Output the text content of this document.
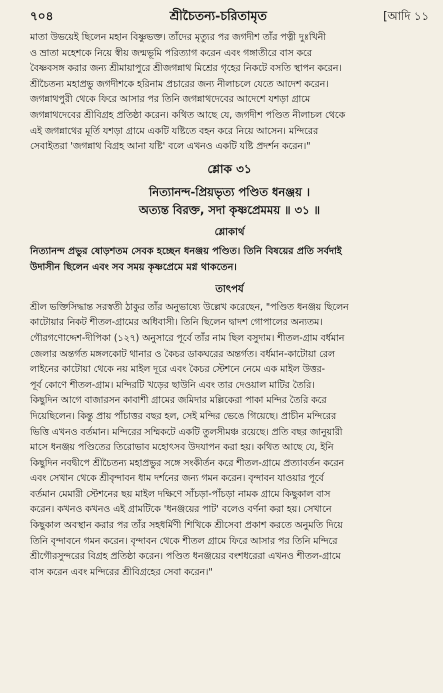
৭০৪	শ্রীচৈতন্য-চরিতামৃত	[আদি ১১

মাতা উভয়েই ছিলেন মহান বিষ্ণুভক্ত। তাঁদের মৃত্যুর পর জগদীশ তাঁর পত্নী দুঃখিনী

ও ভ্রাতা মহেশকে নিয়ে স্বীয় জন্মভূমি পরিত্যাগ করেন এবং গঙ্গাতীরে বাস করে

বৈষ্ণবসঙ্গ করার জন্য শ্রীমায়াপুরে শ্রীজগন্নাথ মিশ্রের গৃহের নিকটে বসতি স্থাপন করেন।

শ্রীচৈতন্য মহাপ্রভু জগদীশকে হরিনাম প্রচারের জন্য নীলাচলে যেতে আদেশ করেন।

জগন্নাথপুরী থেকে ফিরে আসার পর তিনি জগন্নাথদেবের আদেশে যশড়া গ্রামে

জগন্নাথদেবের শ্রীবিগ্রহ প্রতিষ্ঠা করেন। কথিত আছে যে, জগদীশ পণ্ডিত নীলাচল থেকে

এই জগন্নাথের মূর্তি যশড়া গ্রামে একটি যষ্টিতে বহন করে নিয়ে আসেন। মন্দিরের

সেবাইতরা 'জগন্নাথ বিগ্রহ আনা যষ্টি' বলে এখনও একটি যষ্টি প্রদর্শন করেন।"

শ্লোক ৩১

নিত্যানন্দ-প্রিয়ভৃত্য পণ্ডিত ধনঞ্জয় ।

অত্যন্ত বিরক্ত, সদা কৃষ্ণপ্রেমময় ॥ ৩১ ॥

শ্লোকার্থ

নিত্যানন্দ প্রভুর ষোড়শতম সেবক হচ্ছেন ধনঞ্জয় পণ্ডিত। তিনি বিষয়ের প্রতি সর্বদাই

উদাসীন ছিলেন এবং সব সময় কৃষ্ণপ্রেমে মগ্ন থাকতেন।

তাৎপর্য

শ্রীল ভক্তিসিদ্ধান্ত সরস্বতী ঠাকুর তাঁর অনুভাষ্যে উল্লেখ করেছেন, "পণ্ডিত ধনঞ্জয় ছিলেন

কাটোয়ার নিকট শীতল-গ্রামের অধিবাসী। তিনি ছিলেন দ্বাদশ গোপালের অন্যতম।

গৌরগণোদ্দেশ-দীপিকা (১২৭) অনুসারে পূর্বে তাঁর নাম ছিল বসুদাম। শীতল-গ্রাম বর্ধমান

জেলার অন্তর্গত মঙ্গলকোট থানার ও কৈচর ডাকঘরের অন্তর্গত। বর্ধমান-কাটোয়া রেল

লাইনের কাটোয়া থেকে নয় মাইল দূরে এবং কৈচর স্টেশনে নেমে এক মাইল উত্তর-

পূর্ব কোণে শীতল-গ্রাম। মন্দিরটি খড়ের ছাউনি এবং তার দেওয়াল মাটির তৈরি।

কিছুদিন আগে বাজারসন কাবাশী গ্রামের জমিদার মল্লিকেরা পাকা মন্দির তৈরি করে

দিয়েছিলেন। কিন্তু প্রায় পাঁচাত্তর বছর হল, সেই মন্দির ভেঙে গিয়েছে। প্রাচীন মন্দিরের

ভিত্তি এখনও বর্তমান। মন্দিরের সম্মিকটে একটি তুলসীমঞ্চ রয়েছে। প্রতি বছর জানুয়ারী

মাসে ধনঞ্জয় পণ্ডিতের তিরোভাব মহোৎসব উদযাপন করা হয়। কথিত আছে যে, ইনি

কিছুদিন নবদ্বীপে শ্রীচৈতন্য মহাপ্রভুর সঙ্গে সংকীর্তন করে শীতল-গ্রামে প্রত্যাবর্তন করেন

এবং সেখান থেকে শ্রীবৃন্দাবন ধাম দর্শনের জন্য গমন করেন। বৃন্দাবন যাওয়ার পূর্বে

বর্তমান মেমারী স্টেশনের ছয় মাইল দক্ষিণে সাঁচড়া-পাঁচড়া নামক গ্রামে কিছুকাল বাস

করেন। কখনও কখনও এই গ্রামটিকে 'ধনঞ্জয়ের পাট' বলেও বর্ণনা করা হয়। সেখানে

কিছুকাল অবস্থান করার পর তাঁর সহধর্মিণী শিখিকে শ্রীসেবা প্রকাশ করতে অনুমতি দিয়ে

তিনি বৃন্দাবনে গমন করেন। বৃন্দাবন থেকে শীতল গ্রামে ফিরে আসার পর তিনি মন্দিরে

শ্রীগৌরসুন্দরের বিগ্রহ প্রতিষ্ঠা করেন। পণ্ডিত ধনঞ্জয়ের বংশধরেরা এখনও শীতল-গ্রামে

বাস করেন এবং মন্দিরের শ্রীবিগ্রহের সেবা করেন।"
